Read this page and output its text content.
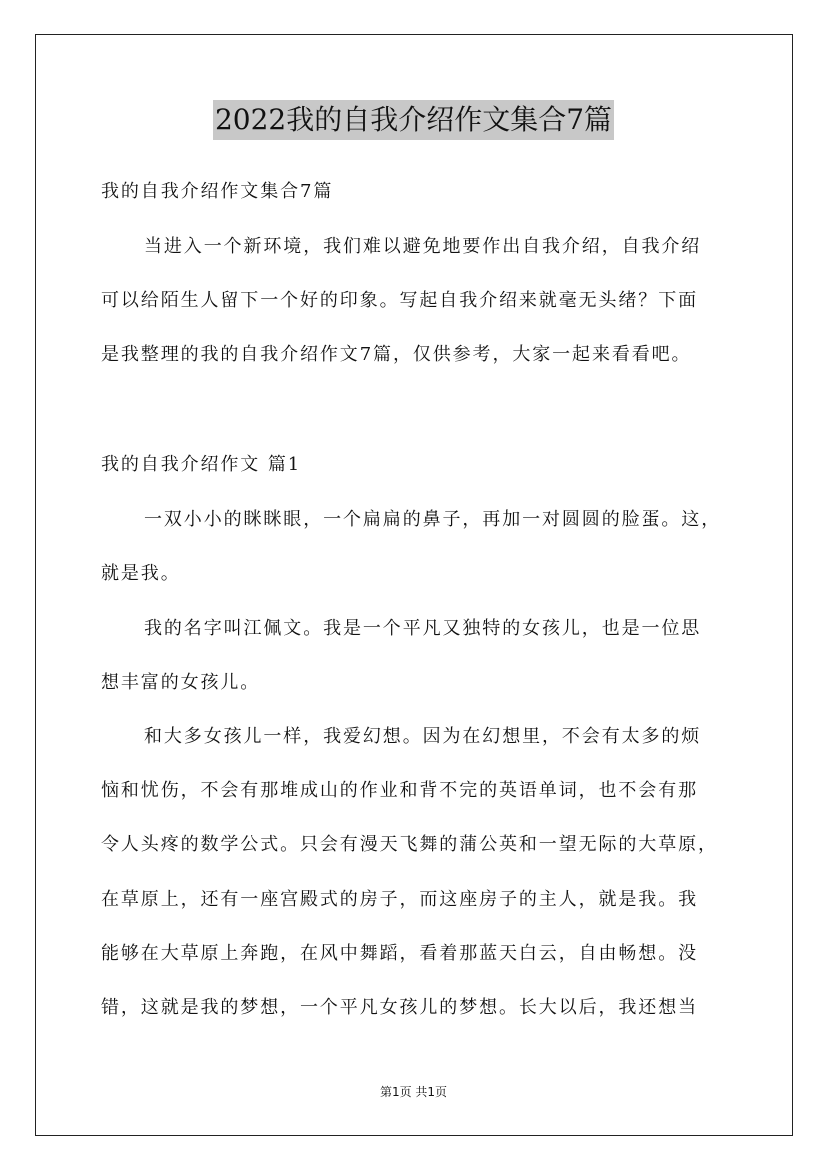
2022我的自我介绍作文集合7篇
我的自我介绍作文集合7篇
当进入一个新环境，我们难以避免地要作出自我介绍，自我介绍
可以给陌生人留下一个好的印象。写起自我介绍来就毫无头绪？下面
是我整理的我的自我介绍作文7篇，仅供参考，大家一起来看看吧。
我的自我介绍作文 篇1
一双小小的眯眯眼，一个扁扁的鼻子，再加一对圆圆的脸蛋。这，
就是我。
我的名字叫江佩文。我是一个平凡又独特的女孩儿，也是一位思
想丰富的女孩儿。
和大多女孩儿一样，我爱幻想。因为在幻想里，不会有太多的烦
恼和忧伤，不会有那堆成山的作业和背不完的英语单词，也不会有那
令人头疼的数学公式。只会有漫天飞舞的蒲公英和一望无际的大草原，
在草原上，还有一座宫殿式的房子，而这座房子的主人，就是我。我
能够在大草原上奔跑，在风中舞蹈，看着那蓝天白云，自由畅想。没
错，这就是我的梦想，一个平凡女孩儿的梦想。长大以后，我还想当
第1页 共1页
